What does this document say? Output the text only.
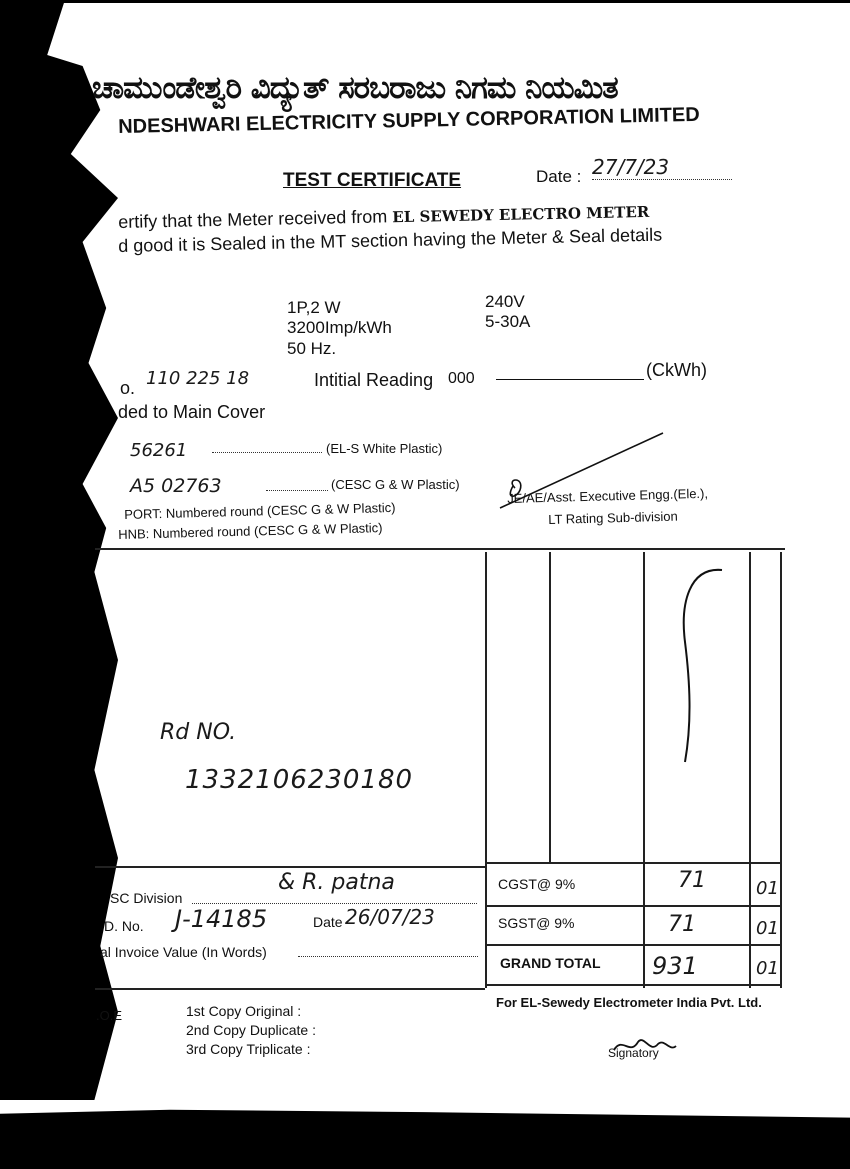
ಚಾಮುಂಡೇಶ್ವರಿ ವಿದ್ಯುತ್ ಸರಬರಾಜು ನಿಗಮ ನಿಯಮಿತ
NDESHWARI ELECTRICITY SUPPLY CORPORATION LIMITED
TEST CERTIFICATE	Date : 27/7/23
ertify that the Meter received from EL SEWEDY ELECTRO METER
d good it is Sealed in the MT section having the Meter & Seal details
1P,2 W
3200Imp/kWh
50 Hz.
240V
5-30A
o. 110 225 18	Intitial Reading 000	(CkWh)
ded to Main Cover
56261	(EL-S White Plastic)
A5 02763	(CESC G & W Plastic)
PORT: Numbered round (CESC G & W Plastic)
HNB: Numbered round (CESC G & W Plastic)
JE/AE/Asst. Executive Engg.(Ele.),
LT Rating Sub-division
Rd NO.
1332106230180
SC Division
& R. patna
D. No. J-14185	Date 26/07/23
al Invoice Value (In Words)
CGST@ 9%	71	01
SGST@ 9%	71	01
GRAND TOTAL 931	01
.O.E	1st Copy Original :
2nd Copy Duplicate :
3rd Copy Triplicate :
For EL-Sewedy Electrometer India Pvt. Ltd.
Signatory
